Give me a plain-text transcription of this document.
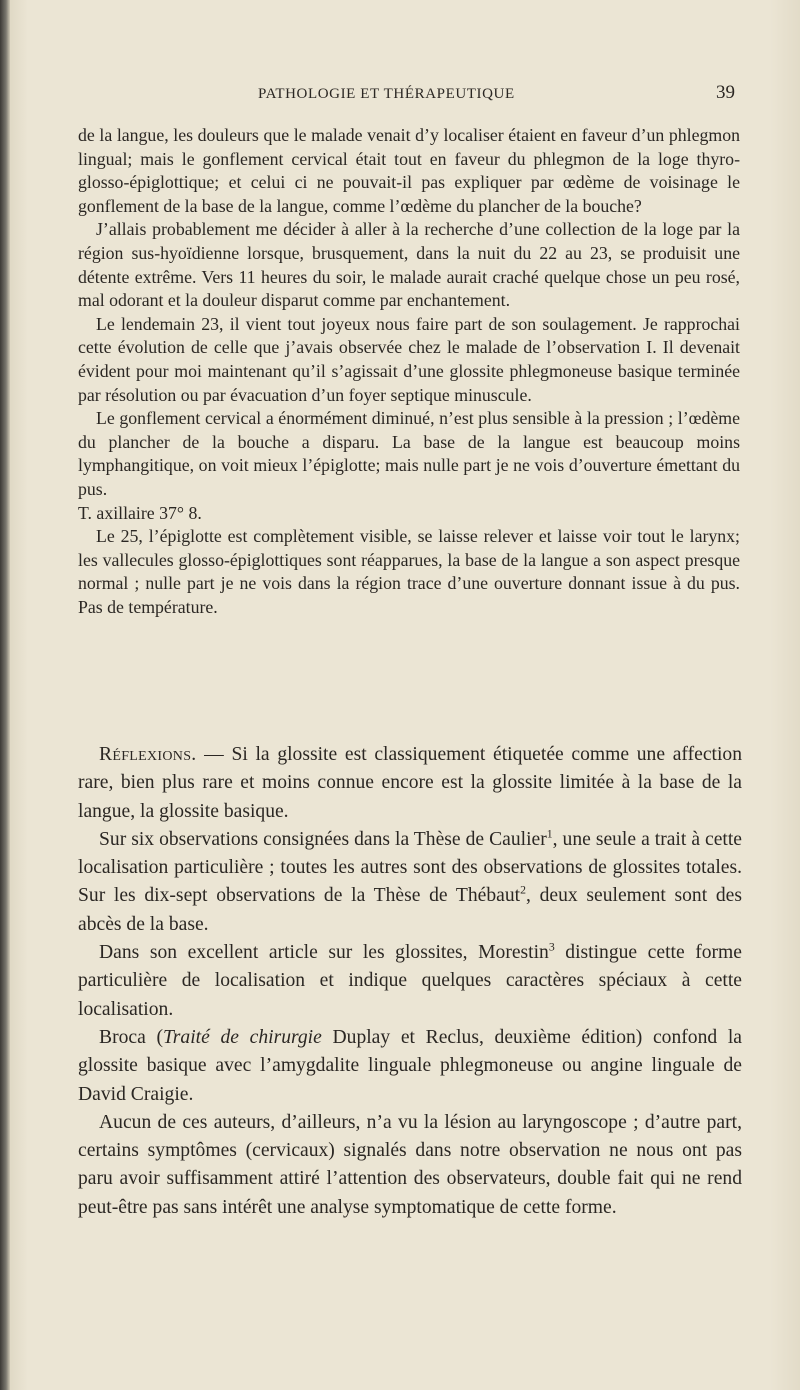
PATHOLOGIE ET THÉRAPEUTIQUE	39

de la langue, les douleurs que le malade venait d’y localiser étaient en faveur d’un phlegmon lingual; mais le gonflement cervical était tout en faveur du phlegmon de la loge thyro-glosso-épiglottique; et celui ci ne pouvait-il pas expliquer par œdème de voisinage le gonflement de la base de la langue, comme l’œdème du plancher de la bouche?

J’allais probablement me décider à aller à la recherche d’une collection de la loge par la région sus-hyoïdienne lorsque, brusquement, dans la nuit du 22 au 23, se produisit une détente extrême. Vers 11 heures du soir, le malade aurait craché quelque chose un peu rosé, mal odorant et la douleur disparut comme par enchantement.

Le lendemain 23, il vient tout joyeux nous faire part de son soulagement. Je rapprochai cette évolution de celle que j’avais observée chez le malade de l’observation I. Il devenait évident pour moi maintenant qu’il s’agissait d’une glossite phlegmoneuse basique terminée par résolution ou par évacuation d’un foyer septique minuscule.

Le gonflement cervical a énormément diminué, n’est plus sensible à la pression ; l’œdème du plancher de la bouche a disparu. La base de la langue est beaucoup moins lymphangitique, on voit mieux l’épiglotte; mais nulle part je ne vois d’ouverture émettant du pus.

T. axillaire 37° 8.

Le 25, l’épiglotte est complètement visible, se laisse relever et laisse voir tout le larynx; les vallecules glosso-épiglottiques sont réapparues, la base de la langue a son aspect presque normal ; nulle part je ne vois dans la région trace d’une ouverture donnant issue à du pus. Pas de température.

Réflexions. — Si la glossite est classiquement étiquetée comme une affection rare, bien plus rare et moins connue encore est la glossite limitée à la base de la langue, la glossite basique.

Sur six observations consignées dans la Thèse de Caulier$^1$, une seule a trait à cette localisation particulière ; toutes les autres sont des observations de glossites totales. Sur les dix-sept observations de la Thèse de Thébaut$^2$, deux seulement sont des abcès de la base.

Dans son excellent article sur les glossites, Morestin$^3$ distingue cette forme particulière de localisation et indique quelques caractères spéciaux à cette localisation.

Broca (Traité de chirurgie Duplay et Reclus, deuxième édition) confond la glossite basique avec l’amygdalite linguale phlegmoneuse ou angine linguale de David Craigie.

Aucun de ces auteurs, d’ailleurs, n’a vu la lésion au laryngoscope ; d’autre part, certains symptômes (cervicaux) signalés dans notre observation ne nous ont pas paru avoir suffisamment attiré l’attention des observateurs, double fait qui ne rend peut-être pas sans intérêt une analyse symptomatique de cette forme.
